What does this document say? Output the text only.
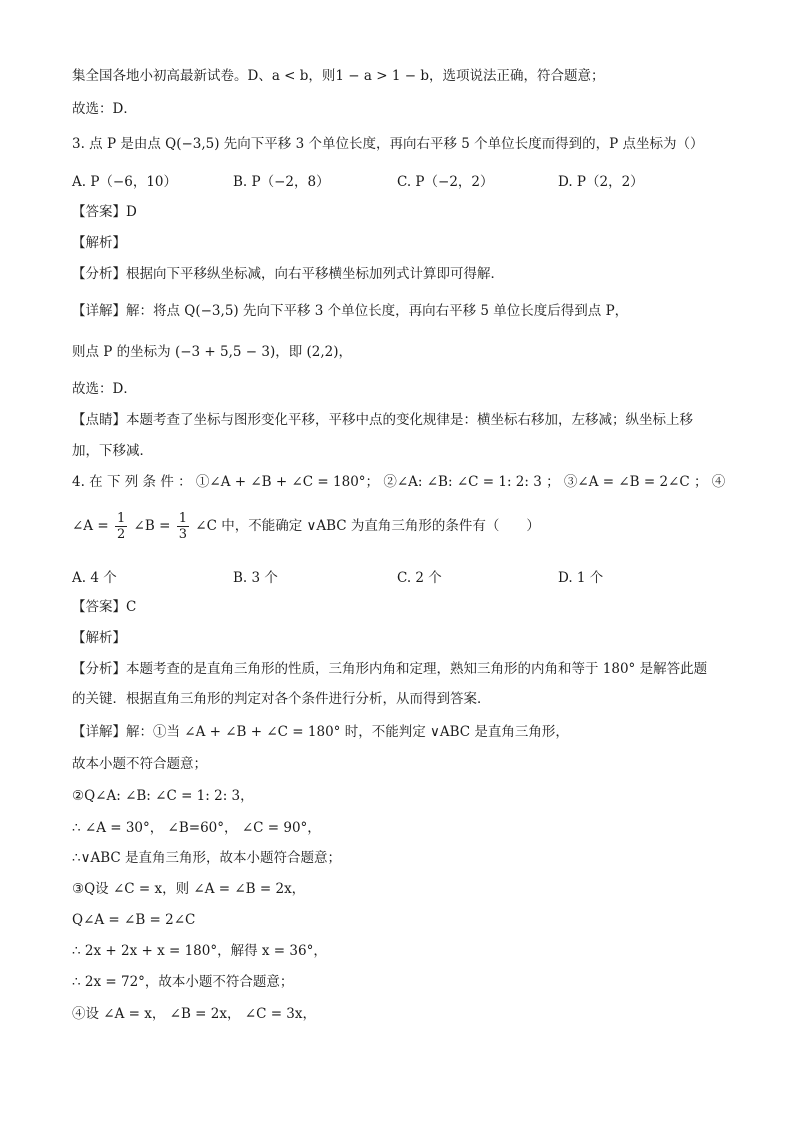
集全国各地小初高最新试卷。D、a < b，则1 − a > 1 − b，选项说法正确，符合题意；
故选：D．
3. 点 P 是由点 Q(−3,5) 先向下平移 3 个单位长度，再向右平移 5 个单位长度而得到的，P 点坐标为（）
A. P（−6，10）	B. P（−2，8）	C. P（−2，2）	D. P（2，2）
【答案】D
【解析】
【分析】根据向下平移纵坐标减，向右平移横坐标加列式计算即可得解．
【详解】解：将点 Q(−3,5) 先向下平移 3 个单位长度，再向右平移 5 单位长度后得到点 P，
则点 P 的坐标为 (−3 + 5,5 − 3)，即 (2,2)，
故选：D．
【点睛】本题考查了坐标与图形变化平移，平移中点的变化规律是：横坐标右移加，左移减；纵坐标上移
加，下移减．
4. 在 下 列 条 件 ： ①∠A + ∠B + ∠C = 180°； ②∠A: ∠B: ∠C = 1: 2: 3 ； ③∠A = ∠B = 2∠C ； ④
∠A = $\frac{1}{2}$ ∠B = $\frac{1}{3}$ ∠C 中，不能确定 ∨ABC 为直角三角形的条件有（　　）
A. 4 个	B. 3 个	C. 2 个	D. 1 个
【答案】C
【解析】
【分析】本题考查的是直角三角形的性质，三角形内角和定理，熟知三角形的内角和等于 180° 是解答此题
的关键．根据直角三角形的判定对各个条件进行分析，从而得到答案．
【详解】解：①当 ∠A + ∠B + ∠C = 180° 时，不能判定 ∨ABC 是直角三角形，
故本小题不符合题意；
②Q∠A: ∠B: ∠C = 1: 2: 3，
∴ ∠A = 30°， ∠B=60°， ∠C = 90°，
∴∨ABC 是直角三角形，故本小题符合题意；
③Q设 ∠C = x，则 ∠A = ∠B = 2x，
Q∠A = ∠B = 2∠C
∴ 2x + 2x + x = 180°，解得 x = 36°，
∴ 2x = 72°，故本小题不符合题意；
④设 ∠A = x， ∠B = 2x， ∠C = 3x，
